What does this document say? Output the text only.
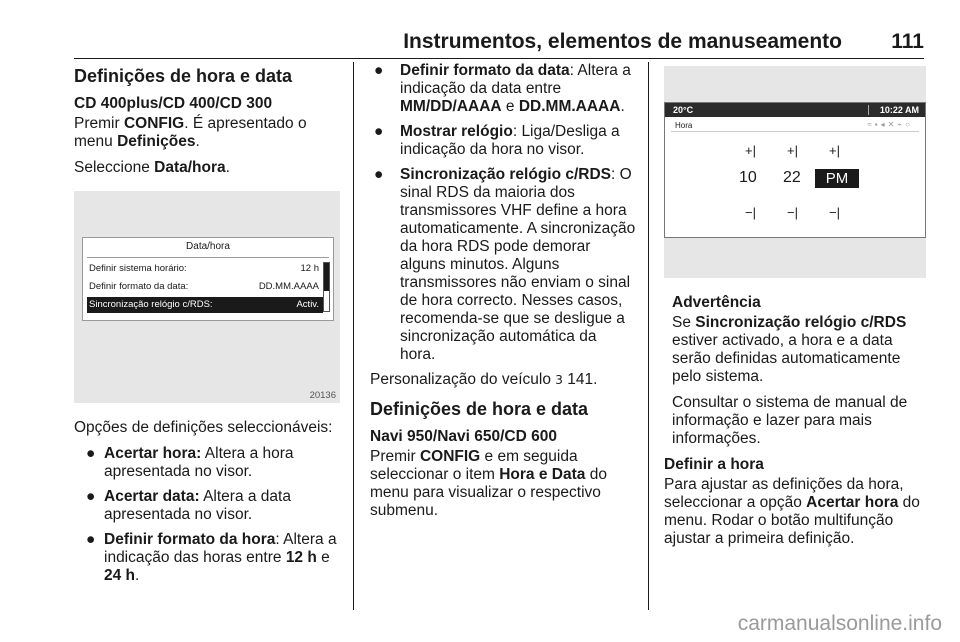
Instrumentos, elementos de manuseamento 111
Definições de hora e data
CD 400plus/CD 400/CD 300

Premir CONFIG. É apresentado o menu Definições.

Seleccione Data/hora.

Data/hora
Definir sistema horário:	12 h
Definir formato da data:	DD.MM.AAAA
Sincronização relógio c/RDS:	Activ.
20136

Opções de definições seleccionáveis:

● Acertar hora: Altera a hora apresentada no visor.
● Acertar data: Altera a data apresentada no visor.
● Definir formato da hora: Altera a indicação das horas entre 12 h e 24 h.
● Definir formato da data: Altera a indicação da data entre MM/DD/AAAA e DD.MM.AAAA.
● Mostrar relógio: Liga/Desliga a indicação da hora no visor.
● Sincronização relógio c/RDS: O sinal RDS da maioria dos transmissores VHF define a hora automaticamente. A sincronização da hora RDS pode demorar alguns minutos. Alguns transmissores não enviam o sinal de hora correcto. Nesses casos, recomenda-se que se desligue a sincronização automática da hora.

Personalização do veículo 3 141.

Definições de hora e data
Navi 950/Navi 650/CD 600

Premir CONFIG e em seguida seleccionar o item Hora e Data do menu para visualizar o respectivo submenu.

20°C	10:22 AM
Hora	≈▪◂✕⌁○
+| +| +|
10 22	PM
−| −| −|
Advertência

Se Sincronização relógio c/RDS estiver activado, a hora e a data serão definidas automaticamente pelo sistema.

Consultar o sistema de manual de informação e lazer para mais informações.

Definir a hora

Para ajustar as definições da hora, seleccionar a opção Acertar hora do menu. Rodar o botão multifunção ajustar a primeira definição.

carmanualsonline.info
